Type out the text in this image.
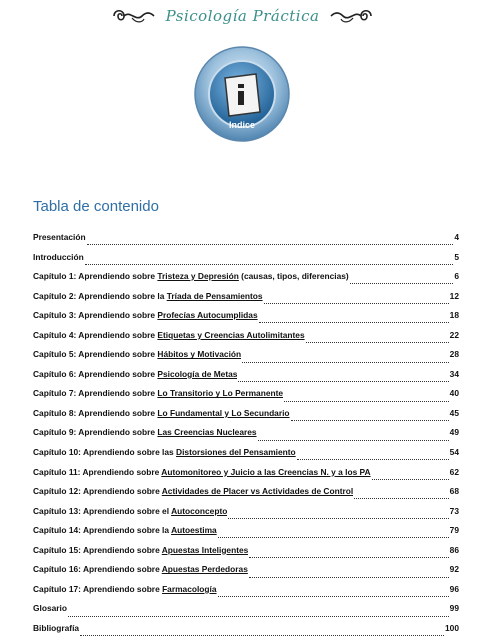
Psicología Práctica
Indice
Tabla de contenido
Presentación	4
Introducción	5
Capítulo 1: Aprendiendo sobre Tristeza y Depresión (causas, tipos, diferencias)	6
Capítulo 2: Aprendiendo sobre la Tríada de Pensamientos	12
Capítulo 3: Aprendiendo sobre Profecías Autocumplidas	18
Capítulo 4: Aprendiendo sobre Etiquetas y Creencias Autolimitantes	22
Capítulo 5: Aprendiendo sobre Hábitos y Motivación	28
Capítulo 6: Aprendiendo sobre Psicología de Metas	34
Capítulo 7: Aprendiendo sobre Lo Transitorio y Lo Permanente	40
Capítulo 8: Aprendiendo sobre Lo Fundamental y Lo Secundario	45
Capítulo 9: Aprendiendo sobre Las Creencias Nucleares	49
Capítulo 10: Aprendiendo sobre las Distorsiones del Pensamiento	54
Capítulo 11: Aprendiendo sobre Automonitoreo y Juicio a las Creencias N. y a los PA	62
Capítulo 12: Aprendiendo sobre Actividades de Placer vs Actividades de Control	68
Capítulo 13: Aprendiendo sobre el Autoconcepto	73
Capítulo 14: Aprendiendo sobre la Autoestima	79
Capítulo 15: Aprendiendo sobre Apuestas Inteligentes	86
Capítulo 16: Aprendiendo sobre Apuestas Perdedoras	92
Capítulo 17: Aprendiendo sobre Farmacología	96
Glosario	99
Bibliografía	100
